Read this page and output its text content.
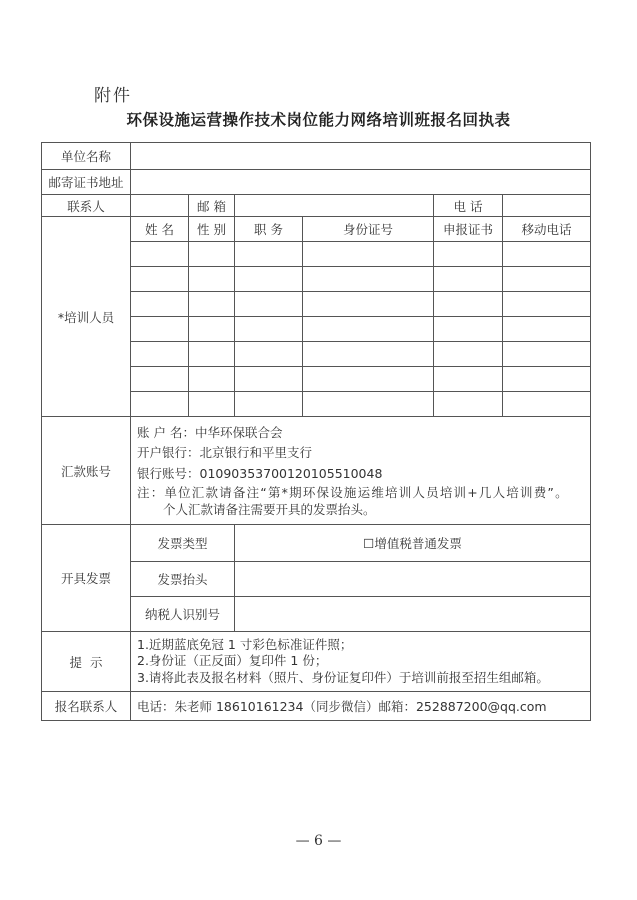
附件
环保设施运营操作技术岗位能力网络培训班报名回执表
单位名称						
邮寄证书地址						
联系人		邮 箱			电 话	
*培训人员	姓 名	性 别	职 务	身份证号	申报证书	移动电话

汇款账号	账 户 名：中华环保联合会
开户银行：北京银行和平里支行
银行账号：01090353700120105510048
注：单位汇款请备注“第*期环保设施运维培训人员培训+几人培训费”。
个人汇款请备注需要开具的发票抬头。					

开具发票	发票类型		☐增值税普通发票			
	发票抬头					
	纳税人识别号					
提  示	1.近期蓝底免冠 1 寸彩色标准证件照；
2.身份证（正反面）复印件 1 份；
3.请将此表及报名材料（照片、身份证复印件）于培训前报至招生组邮箱。					

报名联系人	电话：朱老师 18610161234（同步微信）邮箱：252887200@qq.com					
— 6 —
